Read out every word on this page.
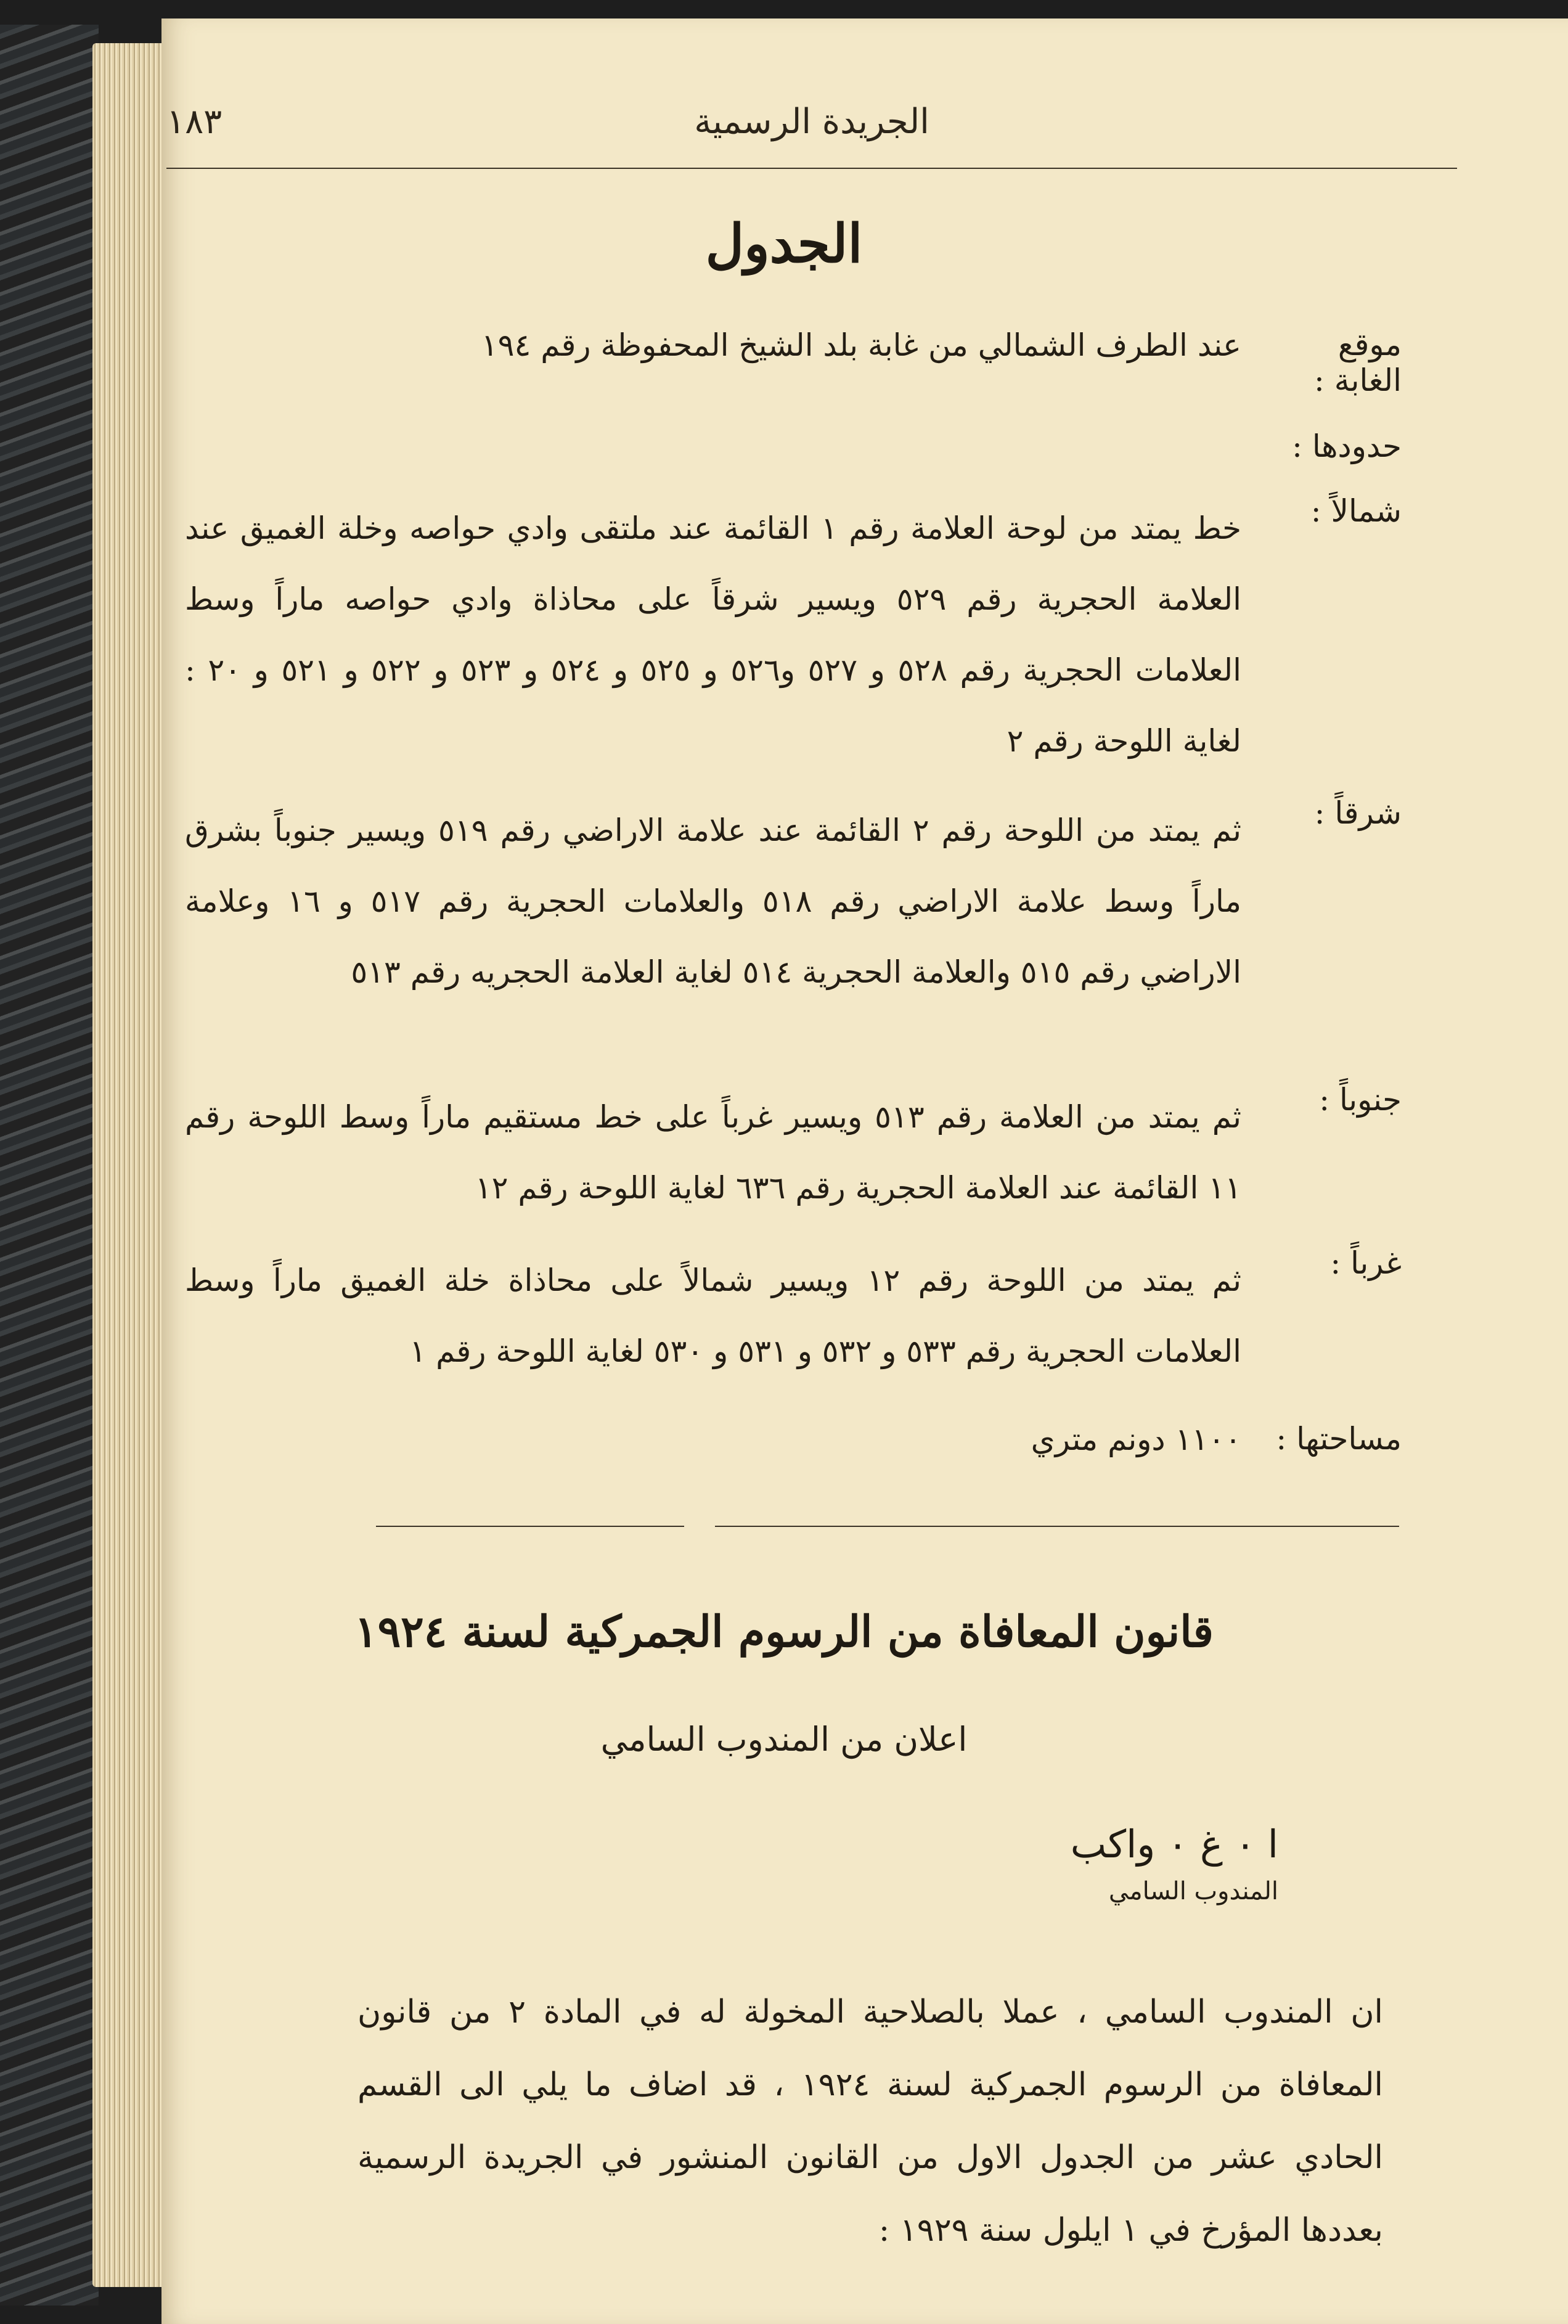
الجريدة الرسمية
١٨٣
الجدول
موقع الغابة :
عند الطرف الشمالي من غابة بلد الشيخ المحفوظة رقم ١٩٤
حدودها :
شمالاً :
خط يمتد من لوحة العلامة رقم ١ القائمة عند ملتقى وادي حواصه وخلة الغميق عند العلامة الحجرية رقم ٥٢٩ ويسير شرقاً على محاذاة وادي حواصه ماراً وسط العلامات الحجرية رقم ٥٢٨ و ٥٢٧ و٥٢٦ و ٥٢٥ و ٥٢٤ و ٥٢٣ و ٥٢٢ و ٥٢١ و ٢٠ : لغاية اللوحة رقم ٢
شرقاً :
ثم يمتد من اللوحة رقم ٢ القائمة عند علامة الاراضي رقم ٥١٩ ويسير جنوباً بشرق ماراً وسط علامة الاراضي رقم ٥١٨ والعلامات الحجرية رقم ٥١٧ و ١٦ وعلامة الاراضي رقم ٥١٥ والعلامة الحجرية ٥١٤ لغاية العلامة الحجريه رقم ٥١٣
جنوباً :
ثم يمتد من العلامة رقم ٥١٣ ويسير غرباً على خط مستقيم ماراً وسط اللوحة رقم ١١ القائمة عند العلامة الحجرية رقم ٦٣٦ لغاية اللوحة رقم ١٢
غرباً :
ثم يمتد من اللوحة رقم ١٢ ويسير شمالاً على محاذاة خلة الغميق ماراً وسط العلامات الحجرية رقم ٥٣٣ و ٥٣٢ و ٥٣١ و ٥٣٠ لغاية اللوحة رقم ١
مساحتها :
١١٠٠ دونم متري
قانون المعافاة من الرسوم الجمركية لسنة ١٩٢٤
اعلان من المندوب السامي
ا ٠ غ ٠ واكب
المندوب السامي
ان المندوب السامي ، عملا بالصلاحية المخولة له في المادة ٢ من قانون المعافاة من الرسوم الجمركية لسنة ١٩٢٤ ، قد اضاف ما يلي الى القسم الحادي عشر من الجدول الاول من القانون المنشور في الجريدة الرسمية بعددها المؤرخ في ١ ايلول سنة ١٩٢٩ :
